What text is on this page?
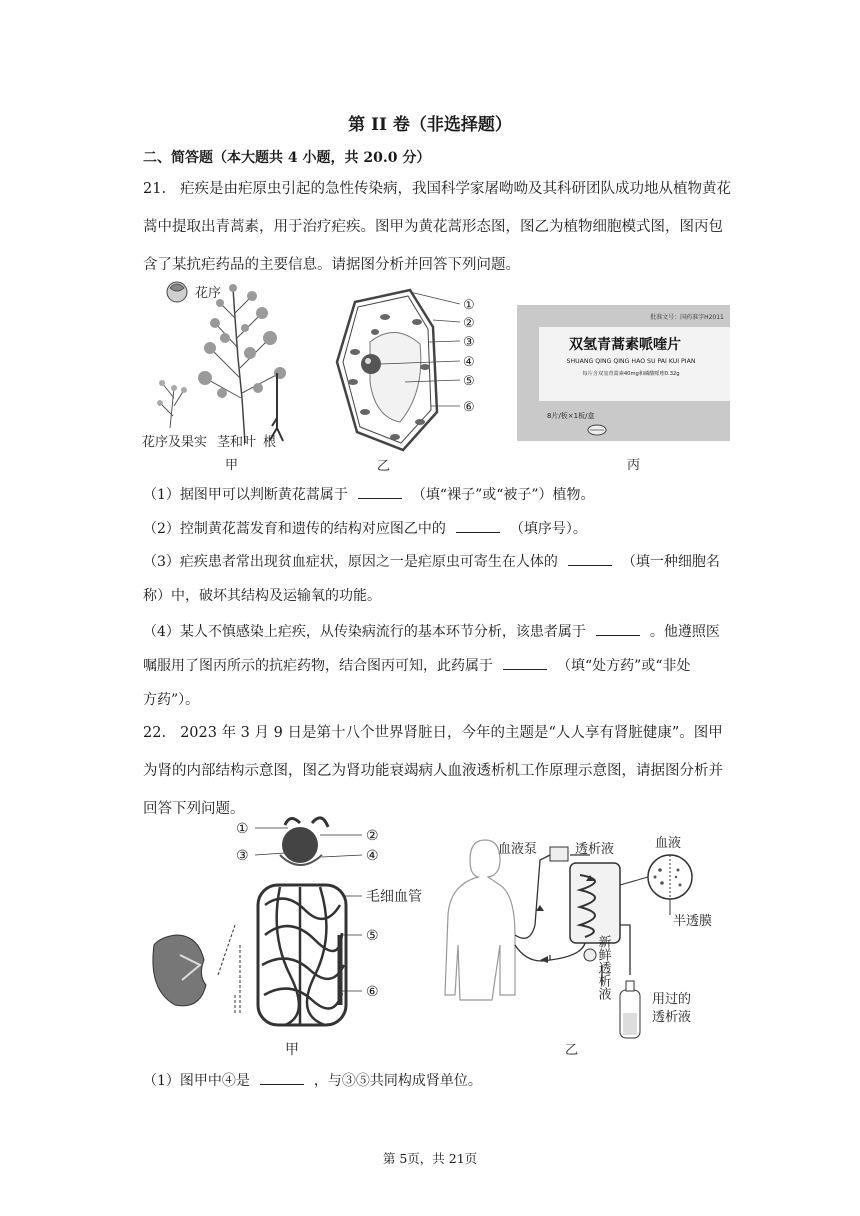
第 II 卷（非选择题）
二、简答题（本大题共 4 小题，共 20.0 分）
21. 疟疾是由疟原虫引起的急性传染病，我国科学家屠呦呦及其科研团队成功地从植物黄花
蒿中提取出青蒿素，用于治疗疟疾。图甲为黄花蒿形态图，图乙为植物细胞模式图，图丙包
含了某抗疟药品的主要信息。请据图分析并回答下列问题。
花序
花序及果实 茎和叶 根
甲
①
②
③
④
⑤
⑥
乙
批准文号：国药准字H2011
双氢青蒿素哌喹片
SHUANG QING QING HAO SU PAI KUI PIAN
每片含双氢青蒿素40mg和磷酸哌喹0.32g
8片/板×1板/盒
丙
（1）据图甲可以判断黄花蒿属于	（填“裸子”或“被子”）植物。
（2）控制黄花蒿发育和遗传的结构对应图乙中的	（填序号）。
（3）疟疾患者常出现贫血症状，原因之一是疟原虫可寄生在人体的	（填一种细胞名
称）中，破坏其结构及运输氧的功能。
（4）某人不慎感染上疟疾，从传染病流行的基本环节分析，该患者属于	。他遵照医
嘱服用了图丙所示的抗疟药物，结合图丙可知，此药属于	（填“处方药”或“非处
方药”）。
22. 2023 年 3 月 9 日是第十八个世界肾脏日，今年的主题是“人人享有肾脏健康”。图甲
为肾的内部结构示意图，图乙为肾功能衰竭病人血液透析机工作原理示意图，请据图分析并
回答下列问题。
①	②
③	④
毛细血管
⑤
⑥
甲
血液泵	透析液	血液
半透膜
用过的
透析液
乙
新鲜透析液
（1）图甲中④是	，与③⑤共同构成肾单位。
第 5页，共 21页
